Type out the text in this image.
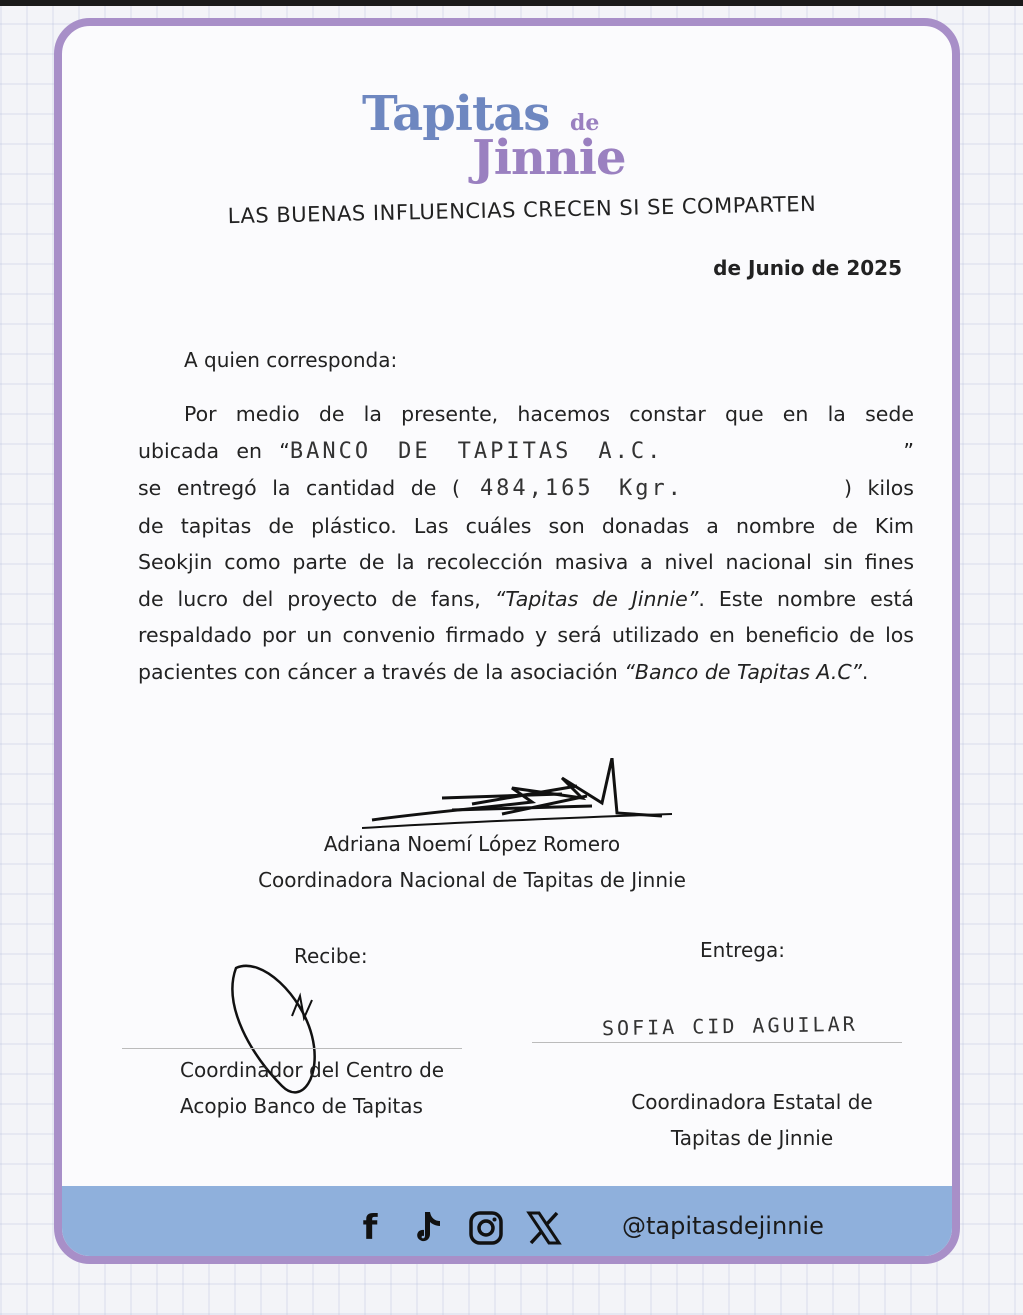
Tapitas de
Jinnie
LAS BUENAS INFLUENCIAS CRECEN SI SE COMPARTEN
de Junio de 2025
A quien corresponda:
Por medio de la presente, hacemos constar que en la sede
ubicada en “BANCO DE TAPITAS A.C.	”
se entregó la cantidad de ( 484,165 Kgr.	) kilos
de tapitas de plástico. Las cuáles son donadas a nombre de Kim
Seokjin como parte de la recolección masiva a nivel nacional sin fines
de lucro del proyecto de fans, “Tapitas de Jinnie”. Este nombre está
respaldado por un convenio firmado y será utilizado en beneficio de los
pacientes con cáncer a través de la asociación “Banco de Tapitas A.C”.
Adriana Noemí López Romero
Coordinadora Nacional de Tapitas de Jinnie
Recibe:	Entrega:
SOFIA CID AGUILAR
Coordinador del Centro de
Acopio Banco de Tapitas	Coordinadora Estatal de
Tapitas de Jinnie
f	@tapitasdejinnie
